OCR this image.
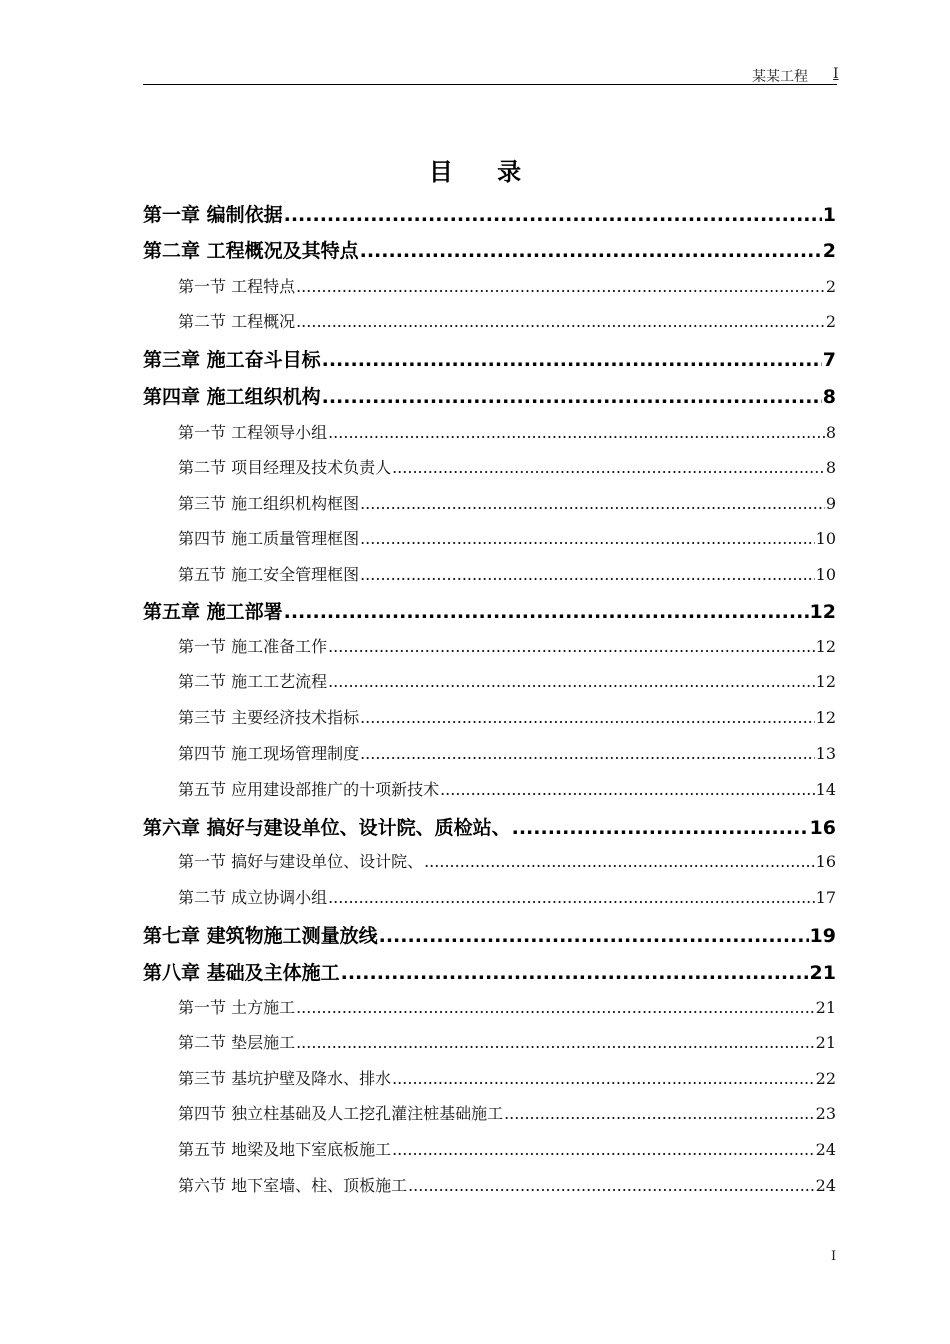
某某工程 I
目 录
第一章 编制依据 .....	1
第二章 工程概况及其特点 .....	2
第一节 工程特点 .....	2
第二节 工程概况 .....	2
第三章 施工奋斗目标 .....	7
第四章 施工组织机构 .....	8
第一节 工程领导小组 .....	8
第二节 项目经理及技术负责人 .....	8
第三节 施工组织机构框图 .....	9
第四节 施工质量管理框图 .....	10
第五节 施工安全管理框图 .....	10
第五章 施工部署 .....	12
第一节 施工准备工作 .....	12
第二节 施工工艺流程 .....	12
第三节 主要经济技术指标 .....	12
第四节 施工现场管理制度 .....	13
第五节 应用建设部推广的十项新技术 .....	14
第六章 搞好与建设单位、设计院、质检站、 .....	16
第一节 搞好与建设单位、设计院、 .....	16
第二节 成立协调小组 .....	17
第七章 建筑物施工测量放线 .....	19
第八章 基础及主体施工 .....	21
第一节 土方施工 .....	21
第二节 垫层施工 .....	21
第三节 基坑护壁及降水、排水 .....	22
第四节 独立柱基础及人工挖孔灌注桩基础施工 .....	23
第五节 地梁及地下室底板施工 .....	24
第六节 地下室墙、柱、顶板施工 .....	24
I
